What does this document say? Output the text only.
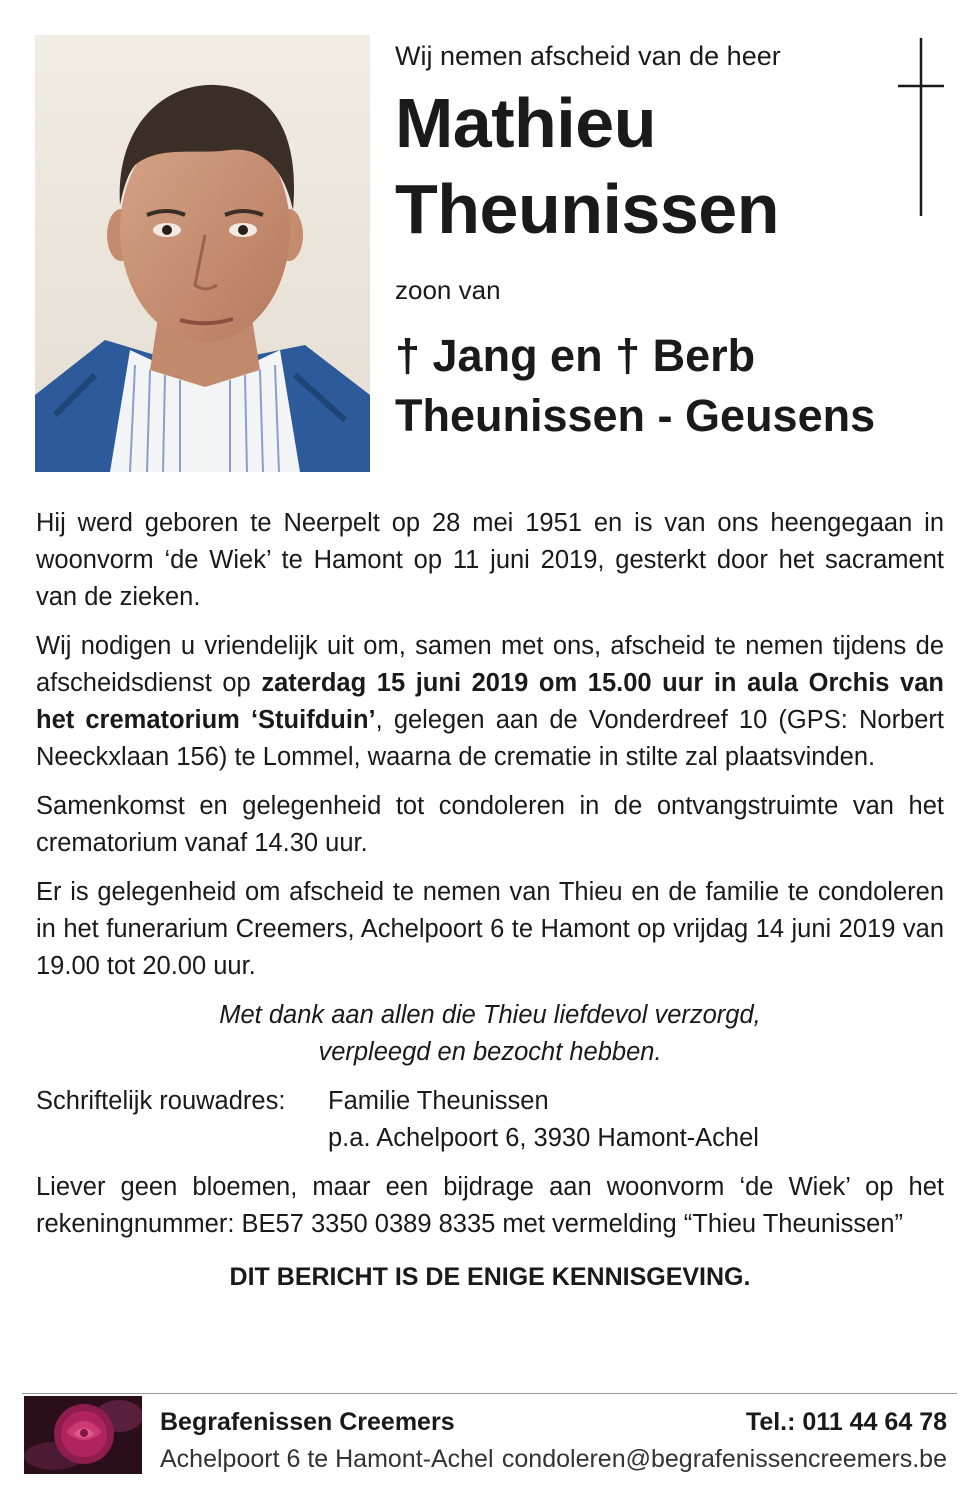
Wij nemen afscheid van de heer
Mathieu
Theunissen
zoon van
† Jang en † Berb
Theunissen - Geusens

Hij werd geboren te Neerpelt op 28 mei 1951 en is van ons heengegaan in woonvorm ‘de Wiek’ te Hamont op 11 juni 2019, gesterkt door het sacrament van de zieken.

Wij nodigen u vriendelijk uit om, samen met ons, afscheid te nemen tijdens de afscheidsdienst op zaterdag 15 juni 2019 om 15.00 uur in aula Orchis van het crematorium ‘Stuifduin’, gelegen aan de Vonderdreef 10 (GPS: Norbert Neeckxlaan 156) te Lommel, waarna de crematie in stilte zal plaatsvinden.

Samenkomst en gelegenheid tot condoleren in de ontvangstruimte van het crematorium vanaf 14.30 uur.

Er is gelegenheid om afscheid te nemen van Thieu en de familie te condoleren in het funerarium Creemers, Achelpoort 6 te Hamont op vrijdag 14 juni 2019 van 19.00 tot 20.00 uur.

Met dank aan allen die Thieu liefdevol verzorgd,
verpleegd en bezocht hebben.

Schriftelijk rouwadres:	Familie Theunissen
p.a. Achelpoort 6, 3930 Hamont-Achel

Liever geen bloemen, maar een bijdrage aan woonvorm ‘de Wiek’ op het rekeningnummer: BE57 3350 0389 8335 met vermelding “Thieu Theunissen”

DIT BERICHT IS DE ENIGE KENNISGEVING.

Begrafenissen Creemers
Achelpoort 6 te Hamont-Achel
Tel.: 011 44 64 78
condoleren@begrafenissencreemers.be
